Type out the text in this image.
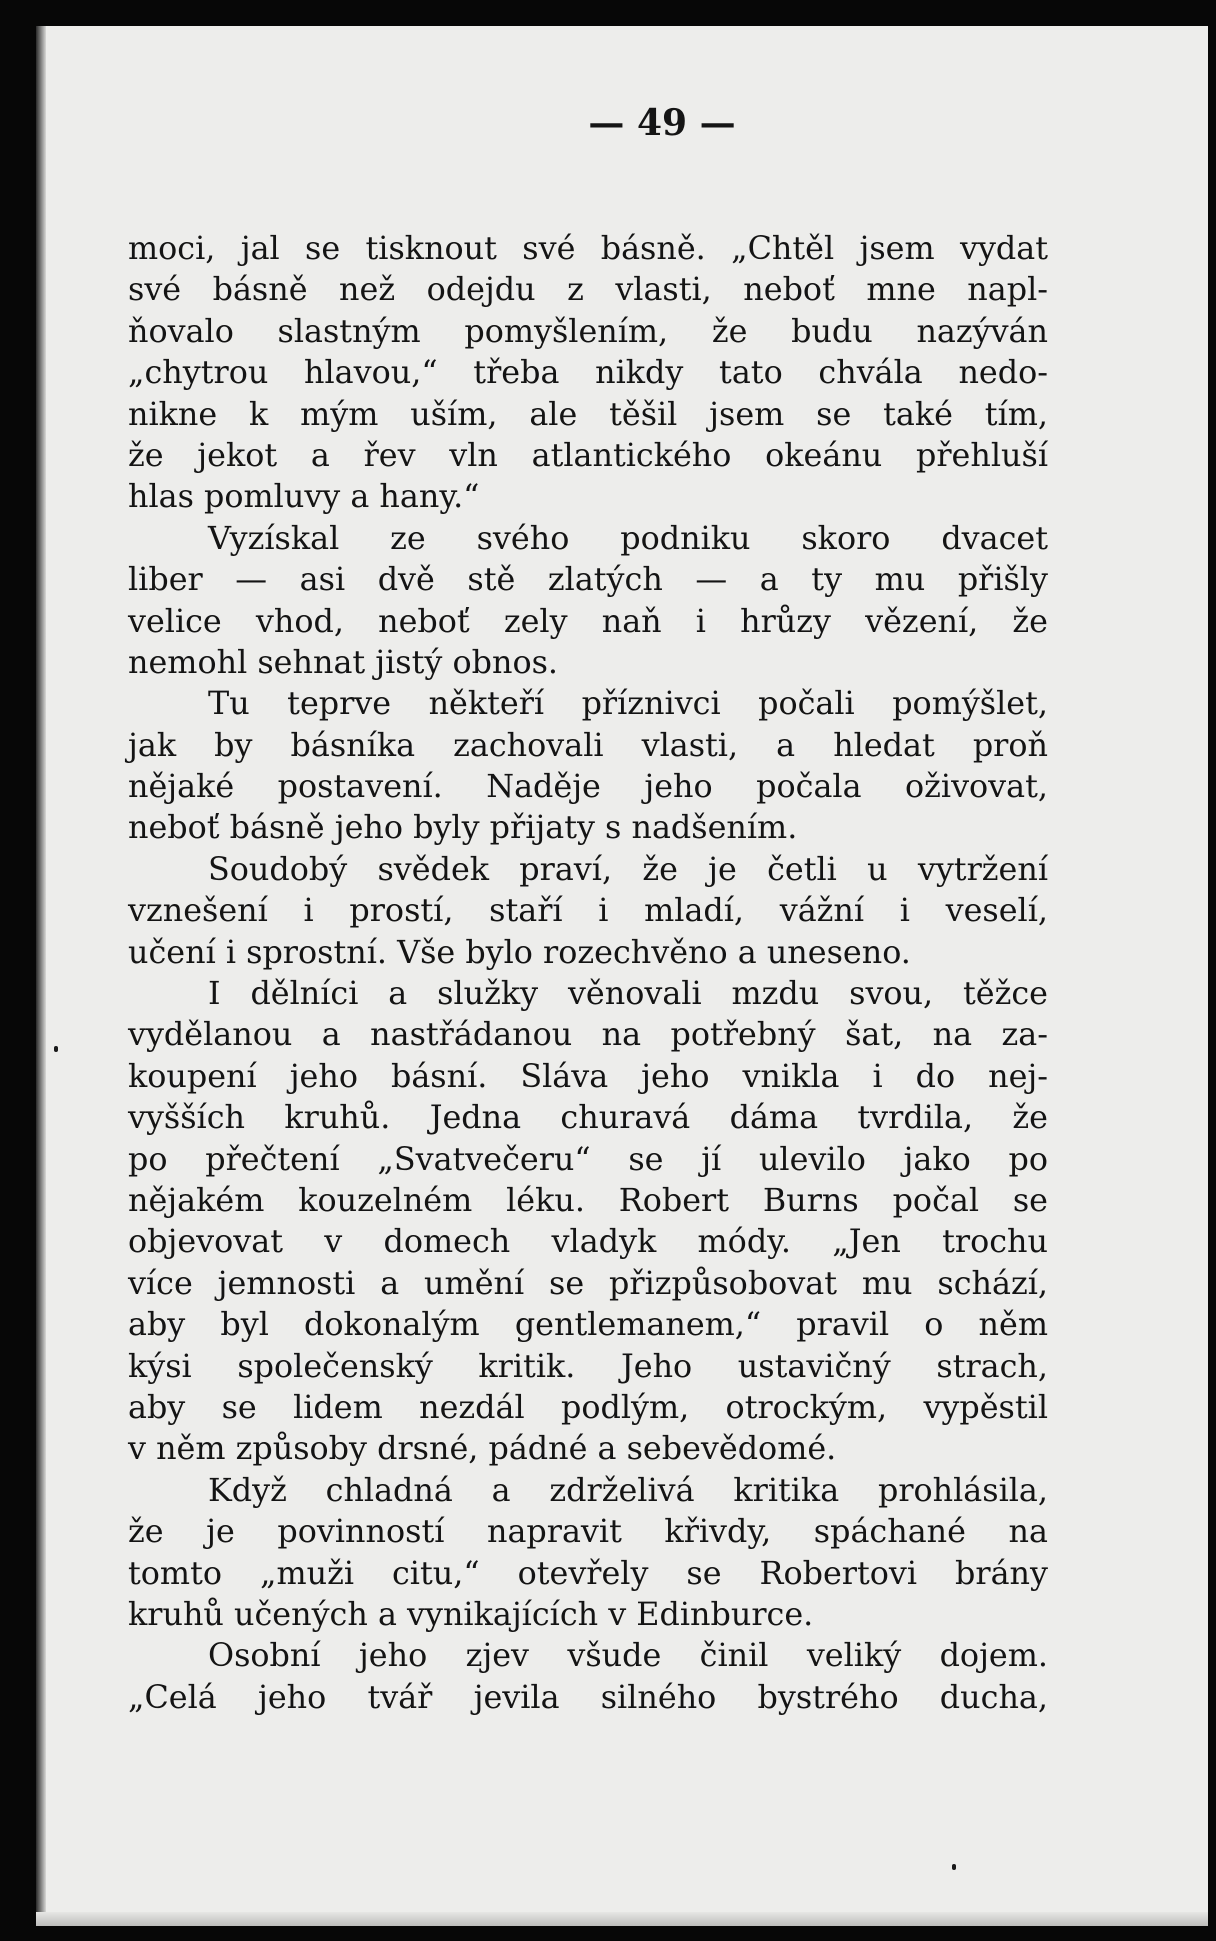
— 49 —
moci, jal se tisknout své básně. „Chtěl jsem vydat
své básně než odejdu z vlasti, neboť mne napl-
ňovalo slastným pomyšlením, že budu nazýván
„chytrou hlavou,“ třeba nikdy tato chvála nedo-
nikne k mým uším, ale těšil jsem se také tím,
že jekot a řev vln atlantického okeánu přehluší
hlas pomluvy a hany.“
Vyzískal ze svého podniku skoro dvacet
liber — asi dvě stě zlatých — a ty mu přišly
velice vhod, neboť zely naň i hrůzy vězení, že
nemohl sehnat jistý obnos.
Tu teprve někteří příznivci počali pomýšlet,
jak by básníka zachovali vlasti, a hledat proň
nějaké postavení. Naděje jeho počala oživovat,
neboť básně jeho byly přijaty s nadšením.
Soudobý svědek praví, že je četli u vytržení
vznešení i prostí, staří i mladí, vážní i veselí,
učení i sprostní. Vše bylo rozechvěno a uneseno.
I dělníci a služky věnovali mzdu svou, těžce
vydělanou a nastřádanou na potřebný šat, na za-
koupení jeho básní. Sláva jeho vnikla i do nej-
vyšších kruhů. Jedna churavá dáma tvrdila, že
po přečtení „Svatvečeru“ se jí ulevilo jako po
nějakém kouzelném léku. Robert Burns počal se
objevovat v domech vladyk módy. „Jen trochu
více jemnosti a umění se přizpůsobovat mu schází,
aby byl dokonalým gentlemanem,“ pravil o něm
kýsi společenský kritik. Jeho ustavičný strach,
aby se lidem nezdál podlým, otrockým, vypěstil
v něm způsoby drsné, pádné a sebevědomé.
Když chladná a zdrželivá kritika prohlásila,
že je povinností napravit křivdy, spáchané na
tomto „muži citu,“ otevřely se Robertovi brány
kruhů učených a vynikajících v Edinburce.
Osobní jeho zjev všude činil veliký dojem.
„Celá jeho tvář jevila silného bystrého ducha,
